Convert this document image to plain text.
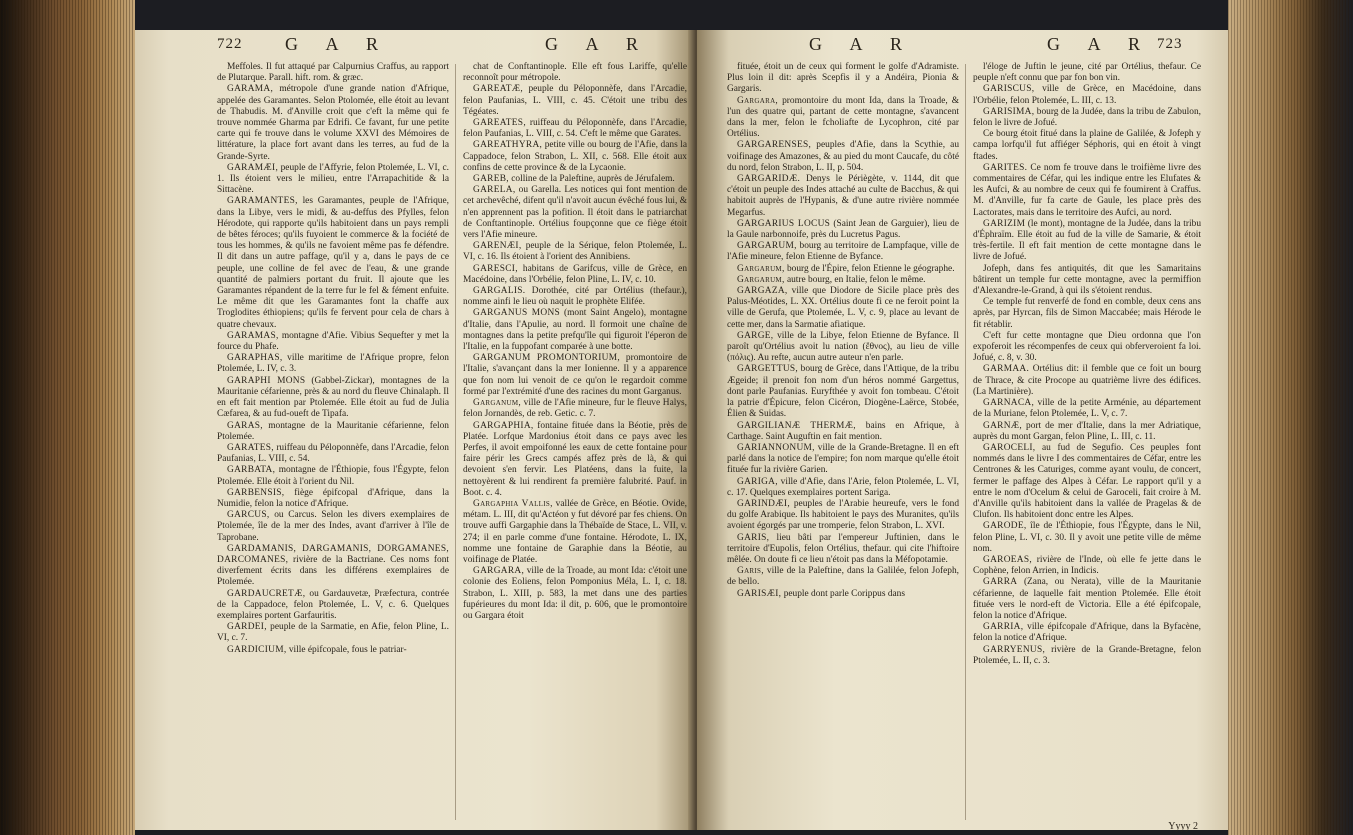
722 G A R	G A R

Meffoles. Il fut attaqué par Calpurnius Craffus, au rapport de Plutarque. Parall. hift. rom. & græc.

GARAMA, métropole d'une grande nation d'Afrique, appelée des Garamantes. Selon Ptolomée, elle étoit au levant de Thabudis. M. d'Anville croit que c'eft la même qui fe trouve nommée Gharma par Edrifi. Ce favant, fur une petite carte qui fe trouve dans le volume XXVI des Mémoires de littérature, la place fort avant dans les terres, au fud de la Grande-Syrte.

GARAMÆI, peuple de l'Affyrie, felon Ptolemée, L. VI, c. 1. Ils étoient vers le milieu, entre l'Arrapachitide & la Sittacène.

GARAMANTES, les Garamantes, peuple de l'Afrique, dans la Libye, vers le midi, & au-deffus des Pfylles, felon Hérodote, qui rapporte qu'ils habitoient dans un pays rempli de bêtes féroces; qu'ils fuyoient le commerce & la fociété de tous les hommes, & qu'ils ne favoient même pas fe défendre. Il dit dans un autre paffage, qu'il y a, dans le pays de ce peuple, une colline de fel avec de l'eau, & une grande quantité de palmiers portant du fruit. Il ajoute que les Garamantes répandent de la terre fur le fel & fément enfuite. Le même dit que les Garamantes font la chaffe aux Troglodites éthiopiens; qu'ils fe fervent pour cela de chars à quatre chevaux.

GARAMAS, montagne d'Afie. Vibius Sequefter y met la fource du Phafe.

GARAPHAS, ville maritime de l'Afrique propre, felon Ptolemée, L. IV, c. 3.

GARAPHI MONS (Gabbel-Zickar), montagnes de la Mauritanie céfarienne, près & au nord du fleuve Chinalaph. Il en eft fait mention par Ptolemée. Elle étoit au fud de Julia Cæfarea, & au fud-oueft de Tipafa.

GARAS, montagne de la Mauritanie céfarienne, felon Ptolemée.

GARATES, ruiffeau du Péloponnèfe, dans l'Arcadie, felon Paufanias, L. VIII, c. 54.

GARBATA, montagne de l'Éthiopie, fous l'Égypte, felon Ptolemée. Elle étoit à l'orient du Nil.

GARBENSIS, fiège épifcopal d'Afrique, dans la Numidie, felon la notice d'Afrique.

GARCUS, ou Carcus. Selon les divers exemplaires de Ptolemée, île de la mer des Indes, avant d'arriver à l'île de Taprobane.

GARDAMANIS, DARGAMANIS, DORGAMANES, DARCOMANES, rivière de la Bactriane. Ces noms font diverfement écrits dans les différens exemplaires de Ptolemée.

GARDAUCRETÆ, ou Gardauvetæ, Præfectura, contrée de la Cappadoce, felon Ptolemée, L. V, c. 6. Quelques exemplaires portent Garfauritis.

GARDEI, peuple de la Sarmatie, en Afie, felon Pline, L. VI, c. 7.

GARDICIUM, ville épifcopale, fous le patriar-

chat de Conftantinople. Elle eft fous Lariffe, qu'elle reconnoît pour métropole.

GAREATÆ, peuple du Péloponnèfe, dans l'Arcadie, felon Paufanias, L. VIII, c. 45. C'étoit une tribu des Tégéates.

GAREATES, ruiffeau du Péloponnèfe, dans l'Arcadie, felon Paufanias, L. VIII, c. 54. C'eft le même que Garates.

GAREATHYRA, petite ville ou bourg de l'Afie, dans la Cappadoce, felon Strabon, L. XII, c. 568. Elle étoit aux confins de cette province & de la Lycaonie.

GAREB, colline de la Paleftine, auprès de Jérufalem.

GARELA, ou Garella. Les notices qui font mention de cet archevêché, difent qu'il n'avoit aucun évêché fous lui, & n'en apprennent pas la pofition. Il étoit dans le patriarchat de Conftantinople. Ortélius foupçonne que ce fiège étoit vers l'Afie mineure.

GARENÆI, peuple de la Sérique, felon Ptolemée, L. VI, c. 16. Ils étoient à l'orient des Annibiens.

GARESCI, habitans de Garifcus, ville de Grèce, en Macédoine, dans l'Orbélie, felon Pline, L. IV, c. 10.

GARGALIS. Dorothée, cité par Ortélius (thefaur.), nomme ainfi le lieu où naquit le prophète Elifée.

GARGANUS MONS (mont Saint Angelo), montagne d'Italie, dans l'Apulie, au nord. Il formoit une chaîne de montagnes dans la petite prefqu'île qui figuroit l'éperon de l'Italie, en la fuppofant comparée à une botte.

GARGANUM PROMONTORIUM, promontoire de l'Italie, s'avançant dans la mer Ionienne. Il y a apparence que fon nom lui venoit de ce qu'on le regardoit comme formé par l'extrémité d'une des racines du mont Garganus.

Garganum, ville de l'Afie mineure, fur le fleuve Halys, felon Jornandès, de reb. Getic. c. 7.

GARGAPHIA, fontaine fituée dans la Béotie, près de Platée. Lorfque Mardonius étoit dans ce pays avec les Perfes, il avoit empoifonné les eaux de cette fontaine pour faire périr les Grecs campés affez près de là, & qui devoient s'en fervir. Les Platéens, dans la fuite, la nettoyèrent & lui rendirent fa première falubrité. Pauf. in Boot. c. 4.

Gargaphia Vallis, vallée de Grèce, en Béotie. Ovide, métam. L. III, dit qu'Actéon y fut dévoré par fes chiens. On trouve auffi Gargaphie dans la Thébaïde de Stace, L. VII, v. 274; il en parle comme d'une fontaine. Hérodote, L. IX, nomme une fontaine de Garaphie dans la Béotie, au voifinage de Platée.

GARGARA, ville de la Troade, au mont Ida: c'étoit une colonie des Eoliens, felon Pomponius Méla, L. I, c. 18. Strabon, L. XIII, p. 583, la met dans une des parties fupérieures du mont Ida: il dit, p. 606, que le promontoire ou Gargara étoit

G A R	G A R 723

fituée, étoit un de ceux qui forment le golfe d'Adramiste. Plus loin il dit: après Scepfis il y a Andéira, Pionia & Gargaris.

Gargara, promontoire du mont Ida, dans la Troade, & l'un des quatre qui, partant de cette montagne, s'avancent dans la mer, felon le fcholiafte de Lycophron, cité par Ortélius.

GARGARENSES, peuples d'Afie, dans la Scythie, au voifinage des Amazones, & au pied du mont Caucafe, du côté du nord, felon Strabon, L. II, p. 504.

GARGARIDÆ. Denys le Périègète, v. 1144, dit que c'étoit un peuple des Indes attaché au culte de Bacchus, & qui habitoit auprès de l'Hypanis, & d'une autre rivière nommée Megarfus.

GARGARIUS LOCUS (Saint Jean de Garguier), lieu de la Gaule narbonnoife, près du Lucretus Pagus.

GARGARUM, bourg au territoire de Lampfaque, ville de l'Afie mineure, felon Etienne de Byfance.

Gargarum, bourg de l'Épire, felon Etienne le géographe.

Gargarum, autre bourg, en Italie, felon le même.

GARGAZA, ville que Diodore de Sicile place près des Palus-Méotides, L. XX. Ortélius doute fi ce ne feroit point la ville de Gerufa, que Ptolemée, L. V, c. 9, place au levant de cette mer, dans la Sarmatie afiatique.

GARGE, ville de la Libye, felon Etienne de Byfance. Il paroît qu'Ortélius avoit lu nation (ἔθνος), au lieu de ville (πόλις). Au refte, aucun autre auteur n'en parle.

GARGETTUS, bourg de Grèce, dans l'Attique, de la tribu Ægeide; il prenoit fon nom d'un héros nommé Gargettus, dont parle Paufanias. Euryfthée y avoit fon tombeau. C'étoit la patrie d'Épicure, felon Cicéron, Diogène-Laërce, Stobée, Élien & Suidas.

GARGILIANÆ THERMÆ, bains en Afrique, à Carthage. Saint Auguftin en fait mention.

GARIANNONUM, ville de la Grande-Bretagne. Il en eft parlé dans la notice de l'empire; fon nom marque qu'elle étoit fituée fur la rivière Garien.

GARIGA, ville d'Afie, dans l'Arie, felon Ptolemée, L. VI, c. 17. Quelques exemplaires portent Sariga.

GARINDÆI, peuples de l'Arabie heureufe, vers le fond du golfe Arabique. Ils habitoient le pays des Muranites, qu'ils avoient égorgés par une tromperie, felon Strabon, L. XVI.

GARIS, lieu bâti par l'empereur Juftinien, dans le territoire d'Eupolis, felon Ortélius, thefaur. qui cite l'hiftoire mêlée. On doute fi ce lieu n'étoit pas dans la Méfopotamie.

Garis, ville de la Paleftine, dans la Galilée, felon Jofeph, de bello.

GARISÆI, peuple dont parle Corippus dans

l'éloge de Juftin le jeune, cité par Ortélius, thefaur. Ce peuple n'eft connu que par fon bon vin.

GARISCUS, ville de Grèce, en Macédoine, dans l'Orbélie, felon Ptolemée, L. III, c. 13.

GARISIMA, bourg de la Judée, dans la tribu de Zabulon, felon le livre de Jofué.

Ce bourg étoit fitué dans la plaine de Galilée, & Jofeph y campa lorfqu'il fut affiéger Séphoris, qui en étoit à vingt ftades.

GARITES. Ce nom fe trouve dans le troifième livre des commentaires de Céfar, qui les indique entre les Elufates & les Aufci, & au nombre de ceux qui fe foumirent à Craffus. M. d'Anville, fur fa carte de Gaule, les place près des Lactorates, mais dans le territoire des Aufci, au nord.

GARIZIM (le mont), montagne de la Judée, dans la tribu d'Éphraïm. Elle étoit au fud de la ville de Samarie, & étoit très-fertile. Il eft fait mention de cette montagne dans le livre de Jofué.

Jofeph, dans fes antiquités, dit que les Samaritains bâtirent un temple fur cette montagne, avec la permiffion d'Alexandre-le-Grand, à qui ils s'étoient rendus.

Ce temple fut renverfé de fond en comble, deux cens ans après, par Hyrcan, fils de Simon Maccabée; mais Hérode le fit rétablir.

C'eft fur cette montagne que Dieu ordonna que l'on expoferoit les récompenfes de ceux qui obferveroient fa loi. Jofué, c. 8, v. 30.

GARMAA. Ortélius dit: il femble que ce foit un bourg de Thrace, & cite Procope au quatrième livre des édifices. (La Martinière).

GARNACA, ville de la petite Arménie, au département de la Muriane, felon Ptolemée, L. V, c. 7.

GARNÆ, port de mer d'Italie, dans la mer Adriatique, auprès du mont Gargan, felon Pline, L. III, c. 11.

GAROCELI, au fud de Segufio. Ces peuples font nommés dans le livre I des commentaires de Céfar, entre les Centrones & les Caturiges, comme ayant voulu, de concert, fermer le paffage des Alpes à Céfar. Le rapport qu'il y a entre le nom d'Ocelum & celui de Garoceli, fait croire à M. d'Anville qu'ils habitoient dans la vallée de Pragelas & de Clufon. Ils habitoient donc entre les Alpes.

GARODE, île de l'Éthiopie, fous l'Égypte, dans le Nil, felon Pline, L. VI, c. 30. Il y avoit une petite ville de même nom.

GAROEAS, rivière de l'Inde, où elle fe jette dans le Cophène, felon Arrien, in Indicis.

GARRA (Zana, ou Nerata), ville de la Mauritanie céfarienne, de laquelle fait mention Ptolemée. Elle étoit fituée vers le nord-eft de Victoria. Elle a été épifcopale, felon la notice d'Afrique.

GARRIA, ville épifcopale d'Afrique, dans la Byfacène, felon la notice d'Afrique.

GARRYENUS, rivière de la Grande-Bretagne, felon Ptolemée, L. II, c. 3.

Yyyy 2
